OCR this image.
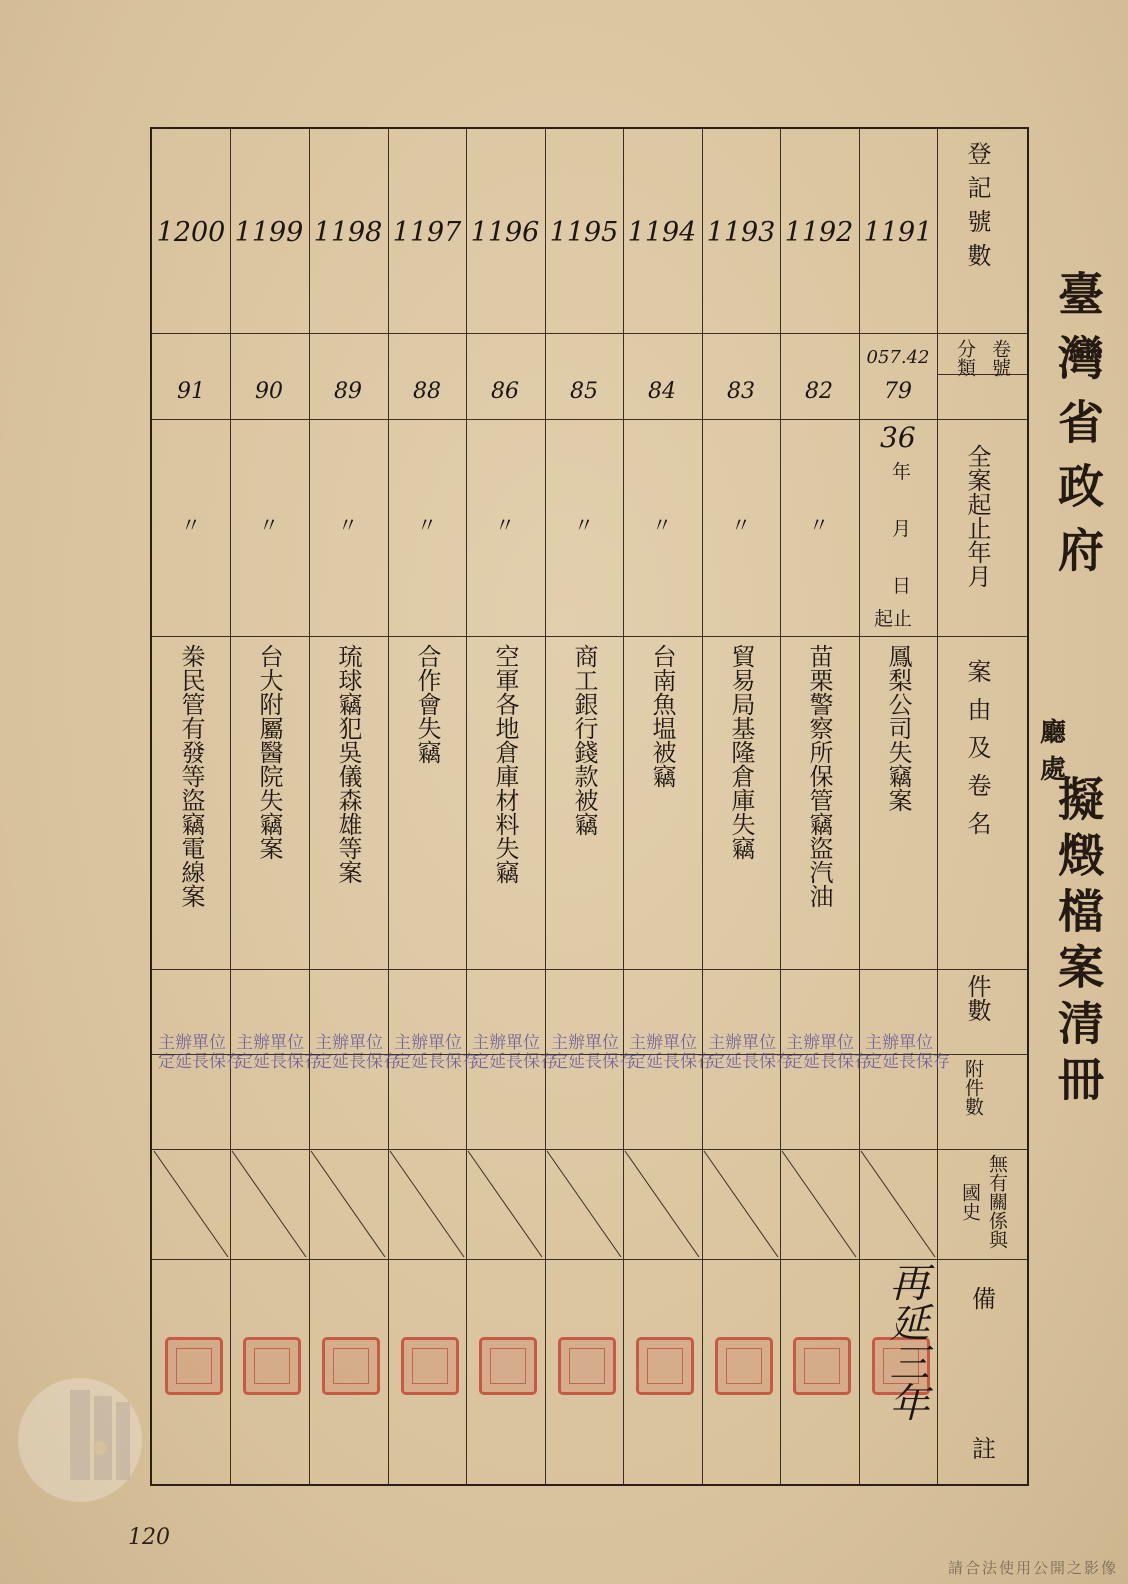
臺灣省政府
廳
處
擬燬檔案清冊
登記號數
卷號
分類
全案起止年月
案由及卷名
件數
附件數
無有關係與國史
備
註
1191
057.42
79
鳳梨公司失竊案
主辦單位
定延長保存
1192
82
〃
苗栗警察所保管竊盜汽油
主辦單位
定延長保存
1193
83
〃
貿易局基隆倉庫失竊
主辦單位
定延長保存
1194
84
〃
台南魚塭被竊
主辦單位
定延長保存
1195
85
〃
商工銀行錢款被竊
主辦單位
定延長保存
1196
86
〃
空軍各地倉庫材料失竊
主辦單位
定延長保存
1197
88
〃
合作會失竊
主辦單位
定延長保存
1198
89
〃
琉球竊犯吳儀森雄等案
主辦單位
定延長保存
1199
90
〃
台大附屬醫院失竊案
主辦單位
定延長保存
1200
91
〃
桊民管有發等盜竊電線案
主辦單位
定延長保存
36
年
月
日
起止
再延三年
120
請合法使用公開之影像
